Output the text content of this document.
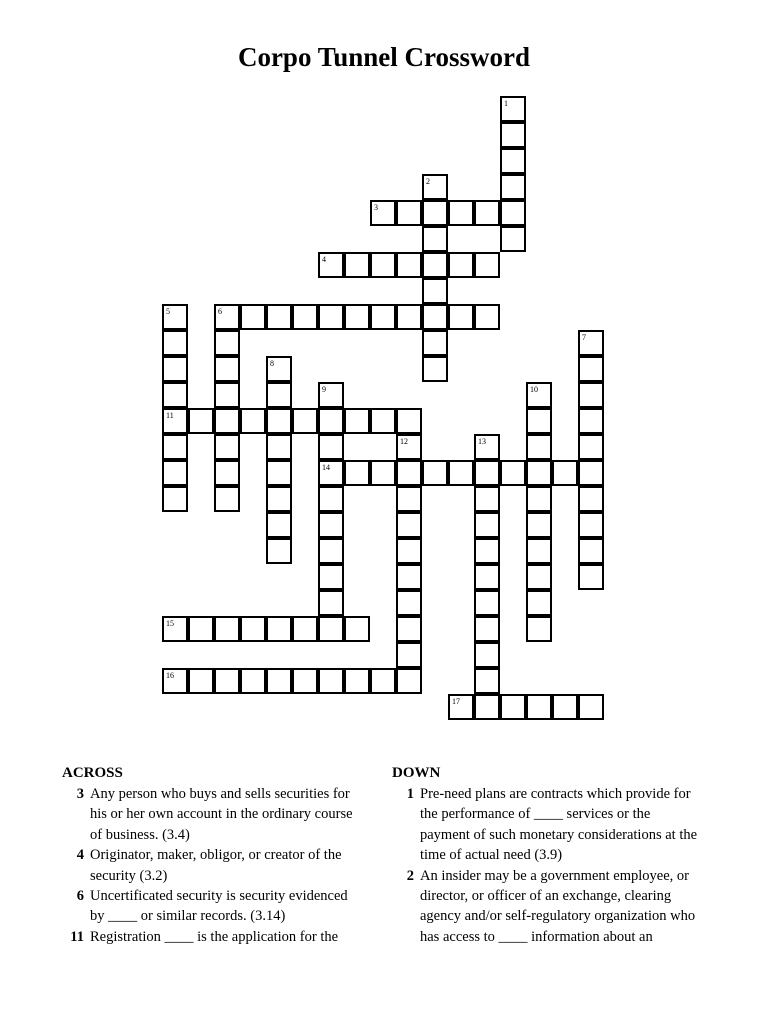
Corpo Tunnel Crossword
1
2
3
4
5
11
6
7
8
9
14
10
12	13
15
16
17
ACROSS
3 Any person who buys and sells securities for his or her own account in the ordinary course of business. (3.4)
4 Originator, maker, obligor, or creator of the security (3.2)
6 Uncertificated security is security evidenced by ____ or similar records. (3.14)
11 Registration ____ is the application for the
DOWN
1 Pre-need plans are contracts which provide for the performance of ____ services or the payment of such monetary considerations at the time of actual need (3.9)
2 An insider may be a government employee, or director, or officer of an exchange, clearing agency and/or self-regulatory organization who has access to ____ information about an
